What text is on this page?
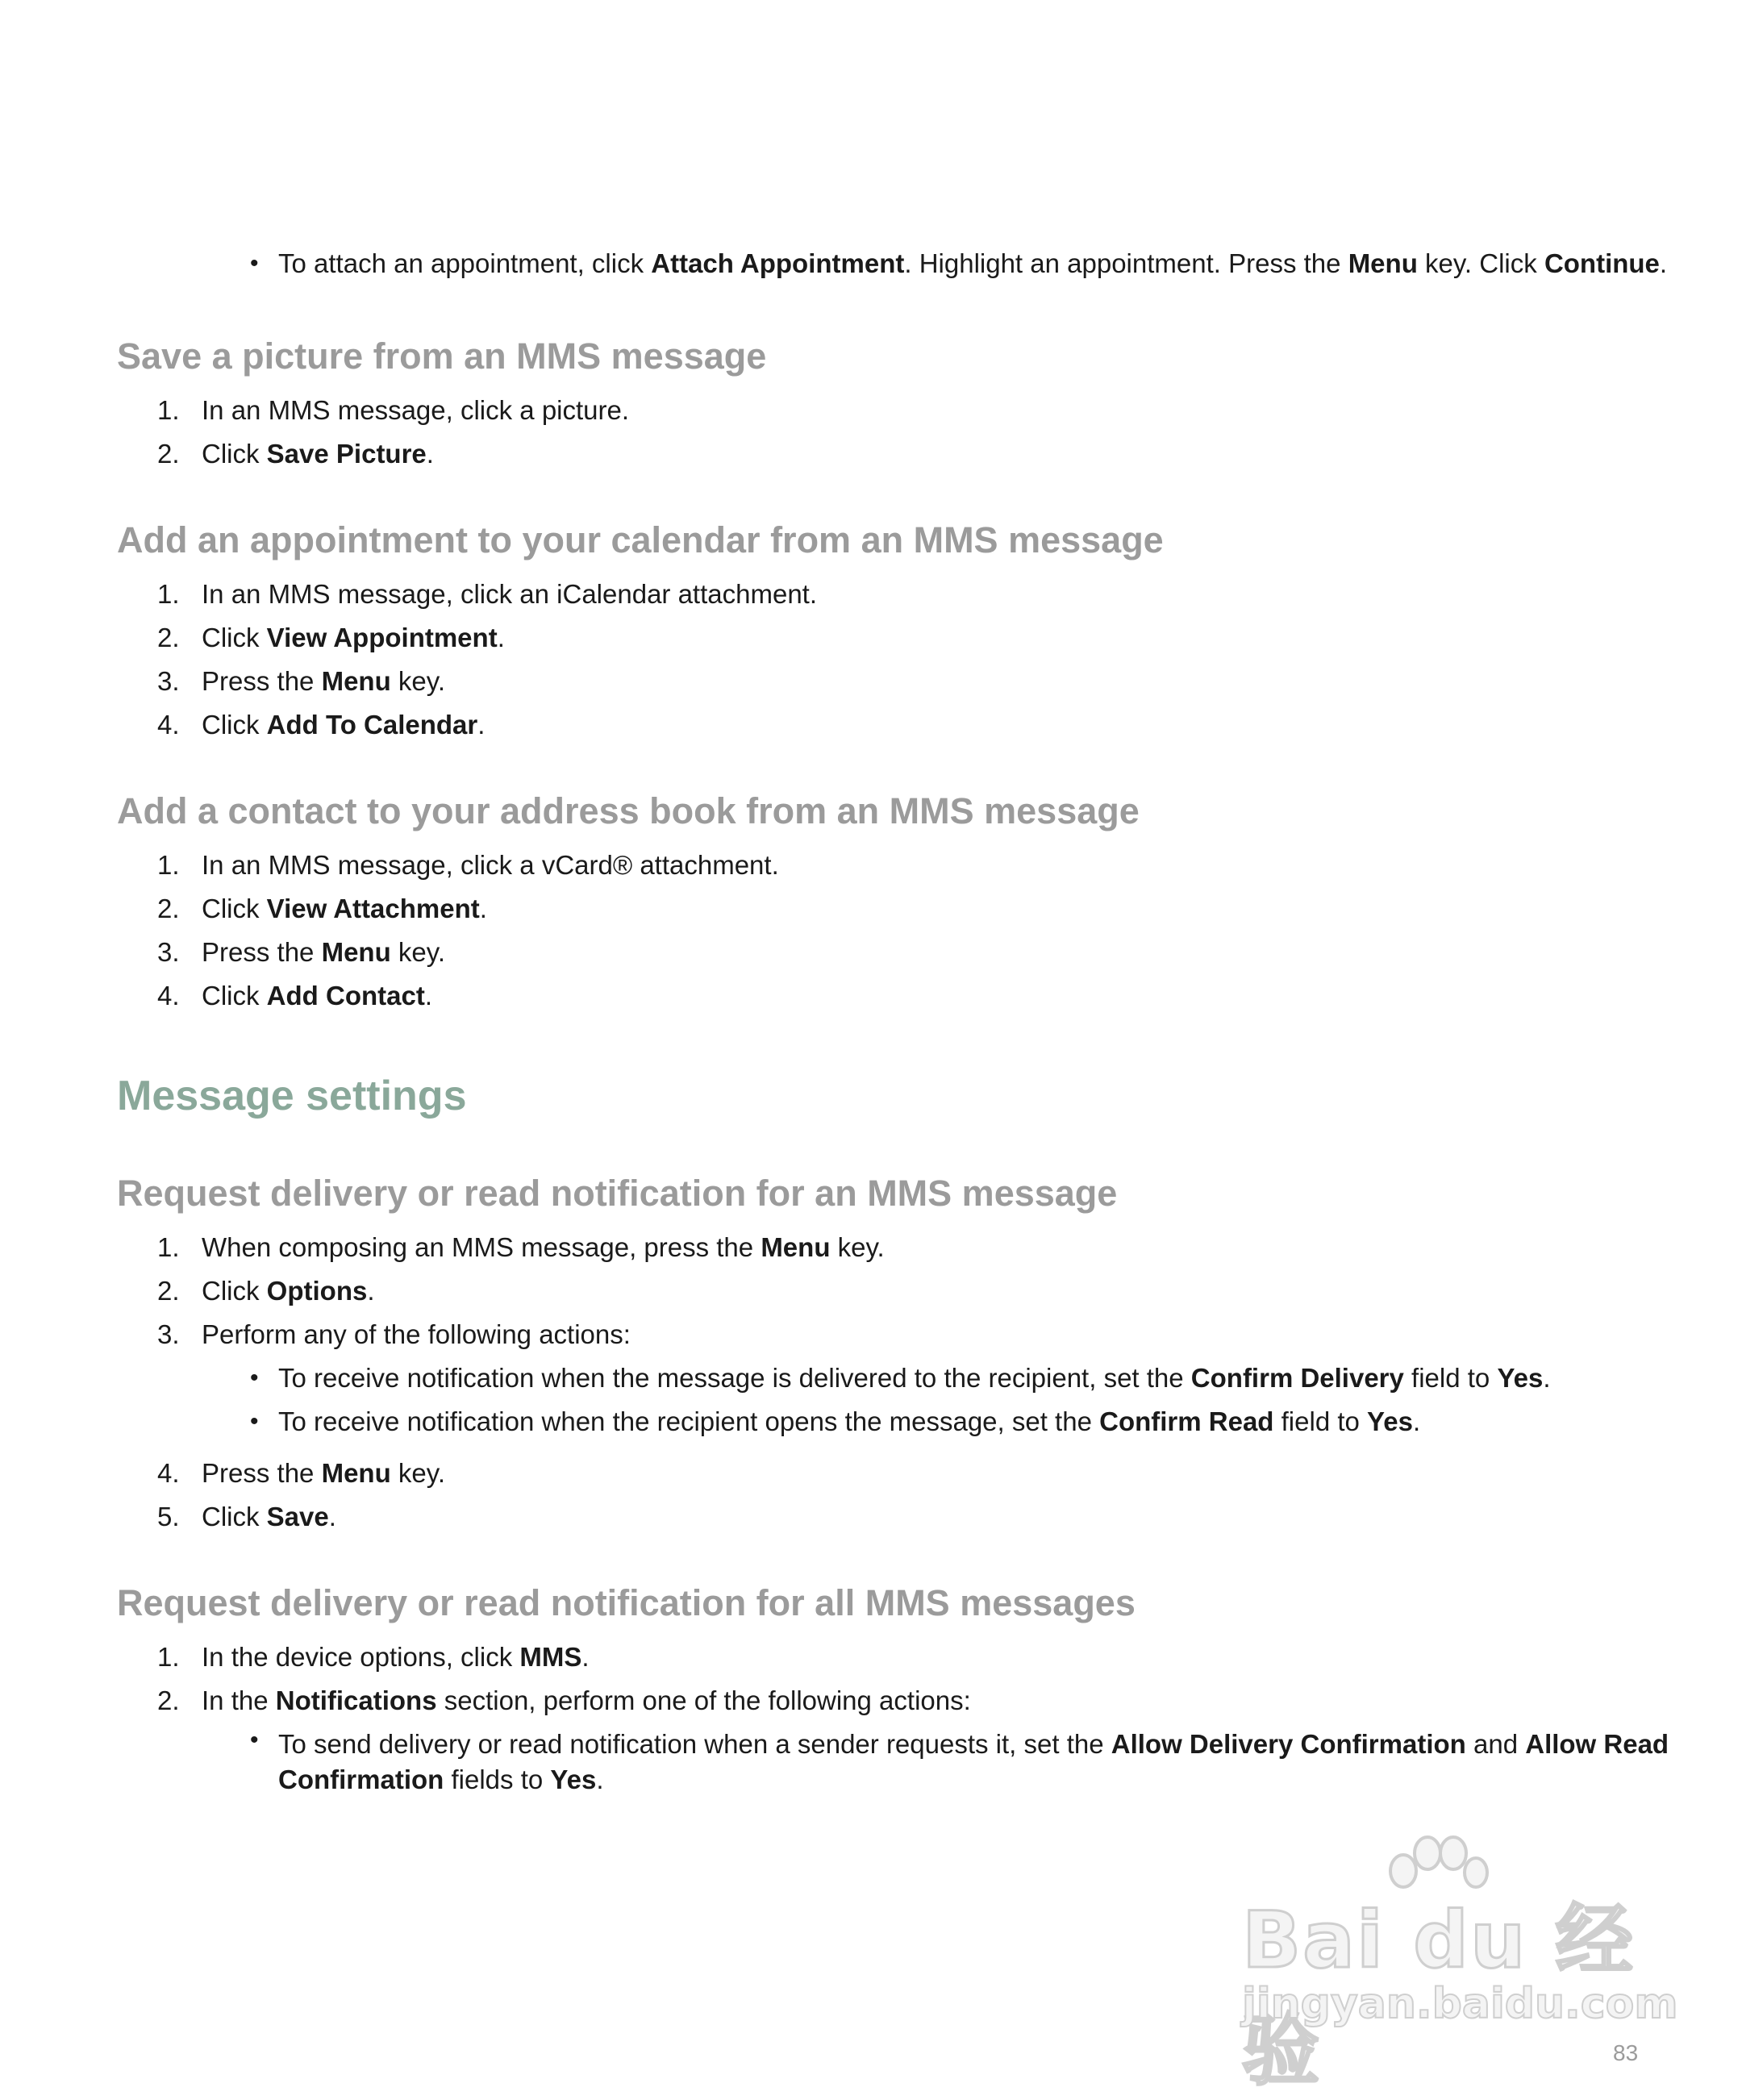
• To attach an appointment, click Attach Appointment. Highlight an appointment. Press the Menu key. Click Continue.
Save a picture from an MMS message
1. In an MMS message, click a picture.
2. Click Save Picture.
Add an appointment to your calendar from an MMS message
1. In an MMS message, click an iCalendar attachment.
2. Click View Appointment.
3. Press the Menu key.
4. Click Add To Calendar.
Add a contact to your address book from an MMS message
1. In an MMS message, click a vCard® attachment.
2. Click View Attachment.
3. Press the Menu key.
4. Click Add Contact.
Message settings
Request delivery or read notification for an MMS message
1. When composing an MMS message, press the Menu key.
2. Click Options.
3. Perform any of the following actions:
• To receive notification when the message is delivered to the recipient, set the Confirm Delivery field to Yes.
• To receive notification when the recipient opens the message, set the Confirm Read field to Yes.
4. Press the Menu key.
5. Click Save.
Request delivery or read notification for all MMS messages
1. In the device options, click MMS.
2. In the Notifications section, perform one of the following actions:
• To send delivery or read notification when a sender requests it, set the Allow Delivery Confirmation and Allow Read Confirmation fields to Yes.
Bai du 经验
jingyan.baidu.com
83
